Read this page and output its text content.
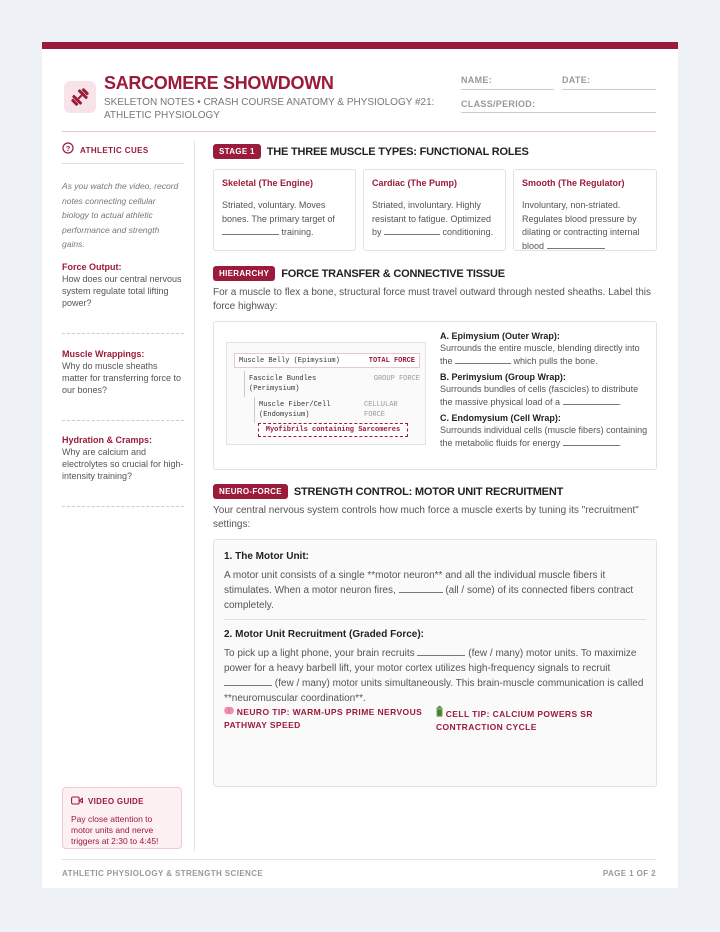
SARCOMERE SHOWDOWN
SKELETON NOTES • CRASH COURSE ANATOMY & PHYSIOLOGY #21: ATHLETIC PHYSIOLOGY
NAME:	DATE:
CLASS/PERIOD:
? ATHLETIC CUES
As you watch the video, record notes connecting cellular biology to actual athletic performance and strength gains.
Force Output:
How does our central nervous system regulate total lifting power?
Muscle Wrappings:
Why do muscle sheaths matter for transferring force to our bones?
Hydration & Cramps:
Why are calcium and electrolytes so crucial for high-intensity training?
VIDEO GUIDE
Pay close attention to motor units and nerve triggers at 2:30 to 4:45!
STAGE 1	THE THREE MUSCLE TYPES: FUNCTIONAL ROLES
Skeletal (The Engine)
Striated, voluntary. Moves bones. The primary target of  training.
Cardiac (The Pump)
Striated, involuntary. Highly resistant to fatigue. Optimized by	conditioning.
Smooth (The Regulator)
Involuntary, non-striated. Regulates blood pressure by dilating or contracting internal blood
HIERARCHY	FORCE TRANSFER & CONNECTIVE TISSUE
For a muscle to flex a bone, structural force must travel outward through nested sheaths. Label this force highway:
Muscle Belly (Epimysium)	TOTAL FORCE
Fascicle Bundles	GROUP FORCE
(Perimysium)
Muscle Fiber/Cell	CELLULAR
(Endomysium)	FORCE
Myofibrils containing Sarcomeres
A. Epimysium (Outer Wrap):
Surrounds the entire muscle, blending directly into the	which pulls the bone.
B. Perimysium (Group Wrap):
Surrounds bundles of cells (fascicles) to distribute the massive physical load of a	.
C. Endomysium (Cell Wrap):
Surrounds individual cells (muscle fibers) containing the metabolic fluids for energy	.
NEURO-FORCE	STRENGTH CONTROL: MOTOR UNIT RECRUITMENT
Your central nervous system controls how much force a muscle exerts by tuning its "recruitment" settings:
1. The Motor Unit:
A motor unit consists of a single **motor neuron** and all the individual muscle fibers it stimulates. When a motor neuron fires,	(all / some) of its connected fibers contract completely.
2. Motor Unit Recruitment (Graded Force):
To pick up a light phone, your brain recruits	(few / many) motor units. To maximize power for a heavy barbell lift, your motor cortex utilizes high-frequency signals to recruit  (few / many) motor units simultaneously. This brain-muscle communication is called **neuromuscular coordination**.
NEURO TIP: WARM-UPS PRIME NERVOUS PATHWAY SPEED
CELL TIP: CALCIUM POWERS SR CONTRACTION CYCLE
ATHLETIC PHYSIOLOGY & STRENGTH SCIENCE	PAGE 1 OF 2
